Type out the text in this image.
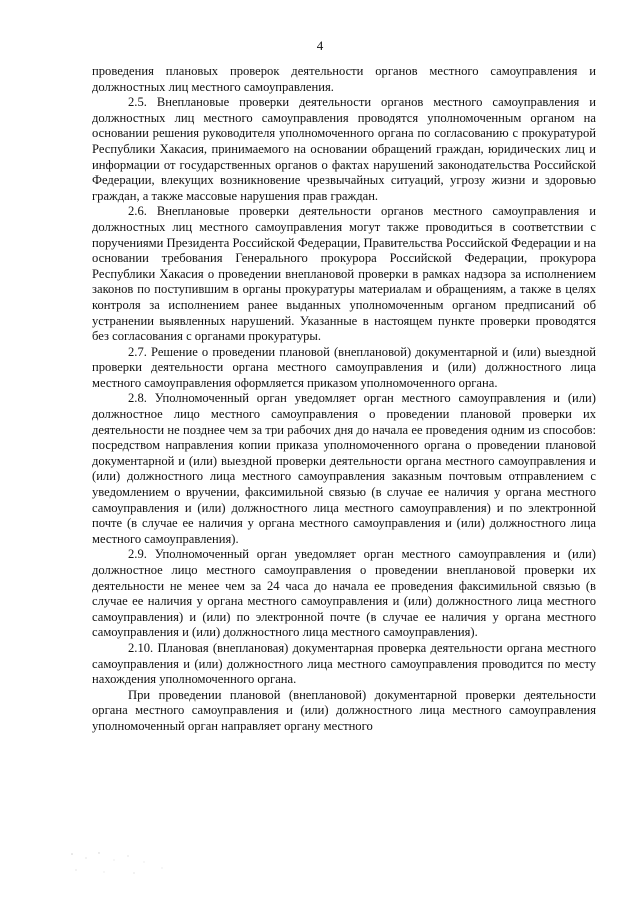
4

проведения плановых проверок деятельности органов местного самоуправления и должностных лиц местного самоуправления.

2.5. Внеплановые проверки деятельности органов местного самоуправления и должностных лиц местного самоуправления проводятся уполномоченным органом на основании решения руководителя уполномоченного органа по согласованию с прокуратурой Республики Хакасия, принимаемого на основании обращений граждан, юридических лиц и информации от государственных органов о фактах нарушений законодательства Российской Федерации, влекущих возникновение чрезвычайных ситуаций, угрозу жизни и здоровью граждан, а также массовые нарушения прав граждан.

2.6. Внеплановые проверки деятельности органов местного самоуправления и должностных лиц местного самоуправления могут также проводиться в соответствии с поручениями Президента Российской Федерации, Правительства Российской Федерации и на основании требования Генерального прокурора Российской Федерации, прокурора Республики Хакасия о проведении внеплановой проверки в рамках надзора за исполнением законов по поступившим в органы прокуратуры материалам и обращениям, а также в целях контроля за исполнением ранее выданных уполномоченным органом предписаний об устранении выявленных нарушений. Указанные в настоящем пункте проверки проводятся без согласования с органами прокуратуры.

2.7. Решение о проведении плановой (внеплановой) документарной и (или) выездной проверки деятельности органа местного самоуправления и (или) должностного лица местного самоуправления оформляется приказом уполномоченного органа.

2.8. Уполномоченный орган уведомляет орган местного самоуправления и (или) должностное лицо местного самоуправления о проведении плановой проверки их деятельности не позднее чем за три рабочих дня до начала ее проведения одним из способов: посредством направления копии приказа уполномоченного органа о проведении плановой документарной и (или) выездной проверки деятельности органа местного самоуправления и (или) должностного лица местного самоуправления заказным почтовым отправлением с уведомлением о вручении, факсимильной связью (в случае ее наличия у органа местного самоуправления и (или) должностного лица местного самоуправления) и по электронной почте (в случае ее наличия у органа местного самоуправления и (или) должностного лица местного самоуправления).

2.9. Уполномоченный орган уведомляет орган местного самоуправления и (или) должностное лицо местного самоуправления о проведении внеплановой проверки их деятельности не менее чем за 24 часа до начала ее проведения факсимильной связью (в случае ее наличия у органа местного самоуправления и (или) должностного лица местного самоуправления) и (или) по электронной почте (в случае ее наличия у органа местного самоуправления и (или) должностного лица местного самоуправления).

2.10. Плановая (внеплановая) документарная проверка деятельности органа местного самоуправления и (или) должностного лица местного самоуправления проводится по месту нахождения уполномоченного органа.

При проведении плановой (внеплановой) документарной проверки деятельности органа местного самоуправления и (или) должностного лица местного самоуправления уполномоченный орган направляет органу местного
